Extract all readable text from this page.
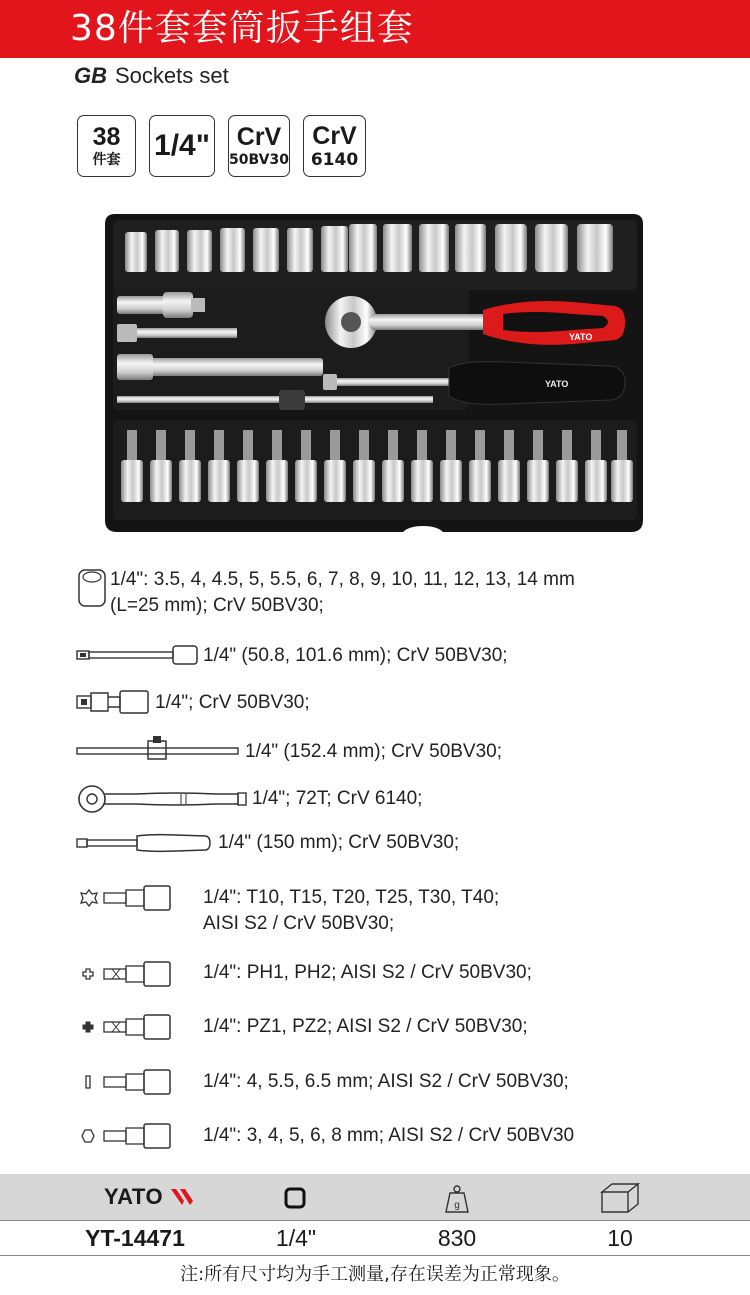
38件套套筒扳手组套
GB Sockets set
38
件套 1/4" CrV
50BV30
CrV
6140
YATO
YATO
1/4": 3.5, 4, 4.5, 5, 5.5, 6, 7, 8, 9, 10, 11, 12, 13, 14 mm
(L=25 mm); CrV 50BV30;
1/4" (50.8, 101.6 mm); CrV 50BV30;
1/4"; CrV 50BV30;
1/4" (152.4 mm); CrV 50BV30;
1/4"; 72T; CrV 6140;
1/4" (150 mm); CrV 50BV30;
1/4": T10, T15, T20, T25, T30, T40;
AISI S2 / CrV 50BV30;
1/4": PH1, PH2; AISI S2 / CrV 50BV30;
1/4": PZ1, PZ2; AISI S2 / CrV 50BV30;
1/4": 4, 5.5, 6.5 mm; AISI S2 / CrV 50BV30;
1/4": 3, 4, 5, 6, 8 mm; AISI S2 / CrV 50BV30
YATO	g
YT-14471	1/4"	830	10
注:所有尺寸均为手工测量,存在误差为正常现象。
